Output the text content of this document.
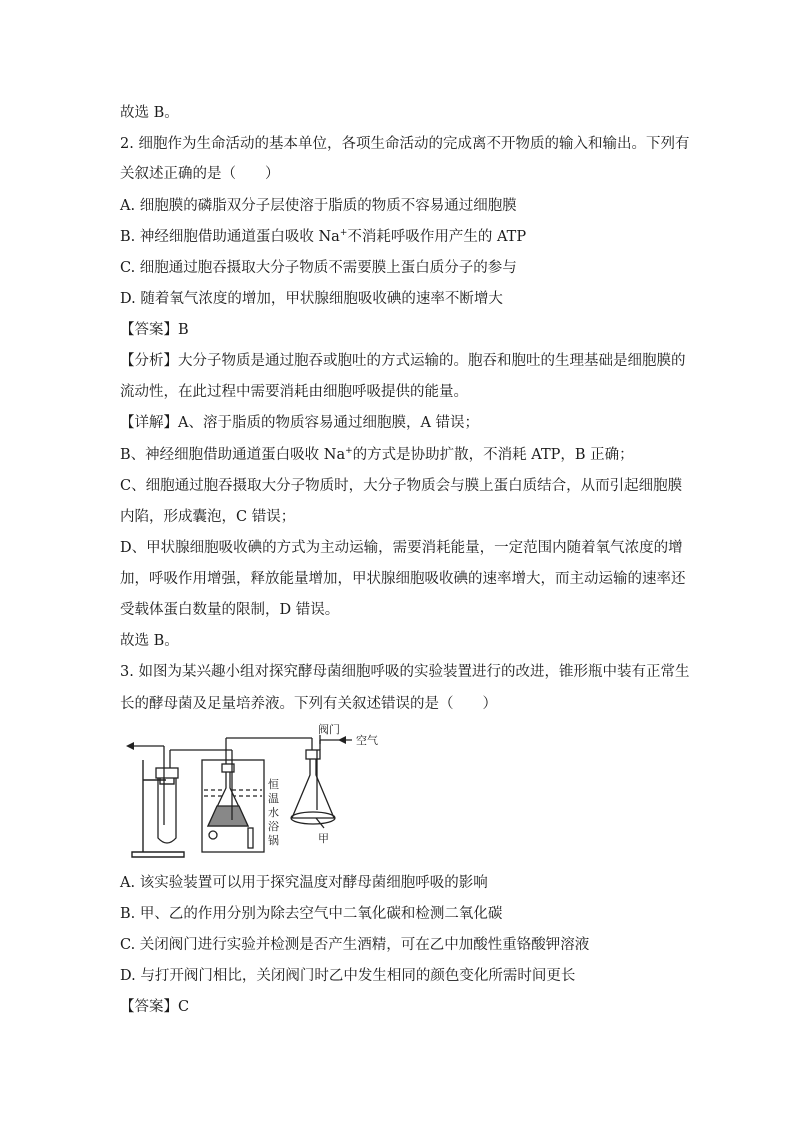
故选 B。
2. 细胞作为生命活动的基本单位，各项生命活动的完成离不开物质的输入和输出。下列有
关叙述正确的是（　　）
A. 细胞膜的磷脂双分子层使溶于脂质的物质不容易通过细胞膜
B. 神经细胞借助通道蛋白吸收 Na+不消耗呼吸作用产生的 ATP
C. 细胞通过胞吞摄取大分子物质不需要膜上蛋白质分子的参与
D. 随着氧气浓度的增加，甲状腺细胞吸收碘的速率不断增大
【答案】B
【分析】大分子物质是通过胞吞或胞吐的方式运输的。胞吞和胞吐的生理基础是细胞膜的
流动性，在此过程中需要消耗由细胞呼吸提供的能量。
【详解】A、溶于脂质的物质容易通过细胞膜，A 错误；
B、神经细胞借助通道蛋白吸收 Na+的方式是协助扩散，不消耗 ATP，B 正确；
C、细胞通过胞吞摄取大分子物质时，大分子物质会与膜上蛋白质结合，从而引起细胞膜
内陷，形成囊泡，C 错误；
D、甲状腺细胞吸收碘的方式为主动运输，需要消耗能量，一定范围内随着氧气浓度的增
加，呼吸作用增强，释放能量增加，甲状腺细胞吸收碘的速率增大，而主动运输的速率还
受载体蛋白数量的限制，D 错误。
故选 B。
3. 如图为某兴趣小组对探究酵母菌细胞呼吸的实验装置进行的改进，锥形瓶中装有正常生
长的酵母菌及足量培养液。下列有关叙述错误的是（　　）
阀门
空气
甲
恒
温
水
浴
锅
A. 该实验装置可以用于探究温度对酵母菌细胞呼吸的影响
B. 甲、乙的作用分别为除去空气中二氧化碳和检测二氧化碳
C. 关闭阀门进行实验并检测是否产生酒精，可在乙中加酸性重铬酸钾溶液
D. 与打开阀门相比，关闭阀门时乙中发生相同的颜色变化所需时间更长
【答案】C
